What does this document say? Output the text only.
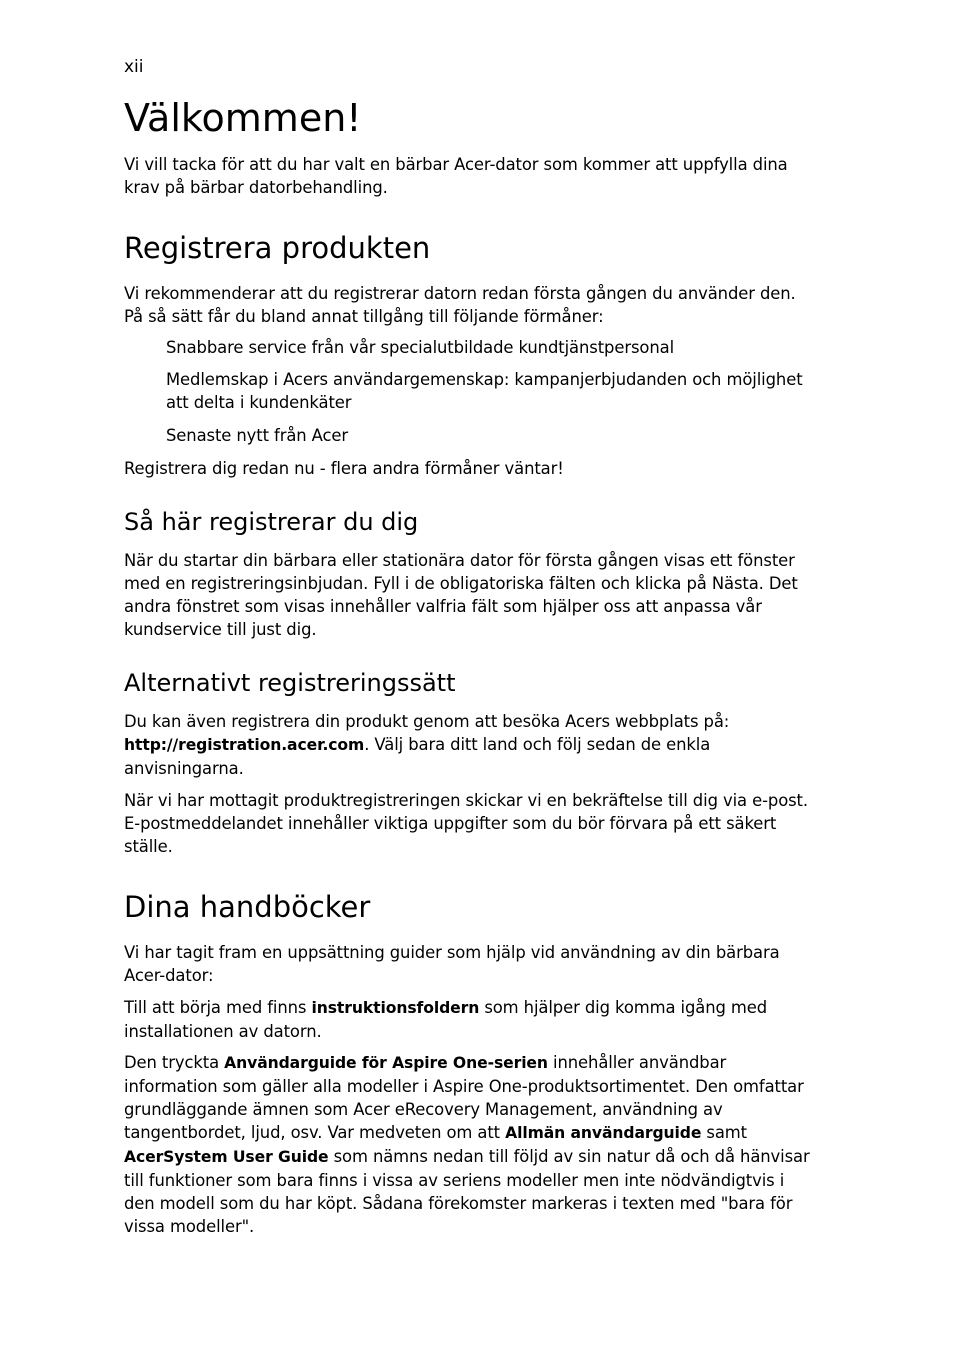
xii

Välkommen!

Vi vill tacka för att du har valt en bärbar Acer-dator som kommer att uppfylla dina krav på bärbar datorbehandling.

Registrera produkten

Vi rekommenderar att du registrerar datorn redan första gången du använder den. På så sätt får du bland annat tillgång till följande förmåner:

Snabbare service från vår specialutbildade kundtjänstpersonal

Medlemskap i Acers användargemenskap: kampanjerbjudanden och möjlighet att delta i kundenkäter

Senaste nytt från Acer

Registrera dig redan nu - flera andra förmåner väntar!

Så här registrerar du dig

När du startar din bärbara eller stationära dator för första gången visas ett fönster med en registreringsinbjudan. Fyll i de obligatoriska fälten och klicka på Nästa. Det andra fönstret som visas innehåller valfria fält som hjälper oss att anpassa vår kundservice till just dig.

Alternativt registreringssätt

Du kan även registrera din produkt genom att besöka Acers webbplats på: http://registration.acer.com. Välj bara ditt land och följ sedan de enkla anvisningarna.

När vi har mottagit produktregistreringen skickar vi en bekräftelse till dig via e-post. E-postmeddelandet innehåller viktiga uppgifter som du bör förvara på ett säkert ställe.

Dina handböcker

Vi har tagit fram en uppsättning guider som hjälp vid användning av din bärbara Acer-dator:

Till att börja med finns instruktionsfoldern som hjälper dig komma igång med installationen av datorn.

Den tryckta Användarguide för Aspire One-serien innehåller användbar information som gäller alla modeller i Aspire One-produktsortimentet. Den omfattar grundläggande ämnen som Acer eRecovery Management, användning av tangentbordet, ljud, osv. Var medveten om att Allmän användarguide samt AcerSystem User Guide som nämns nedan till följd av sin natur då och då hänvisar till funktioner som bara finns i vissa av seriens modeller men inte nödvändigtvis i den modell som du har köpt. Sådana förekomster markeras i texten med "bara för vissa modeller".
